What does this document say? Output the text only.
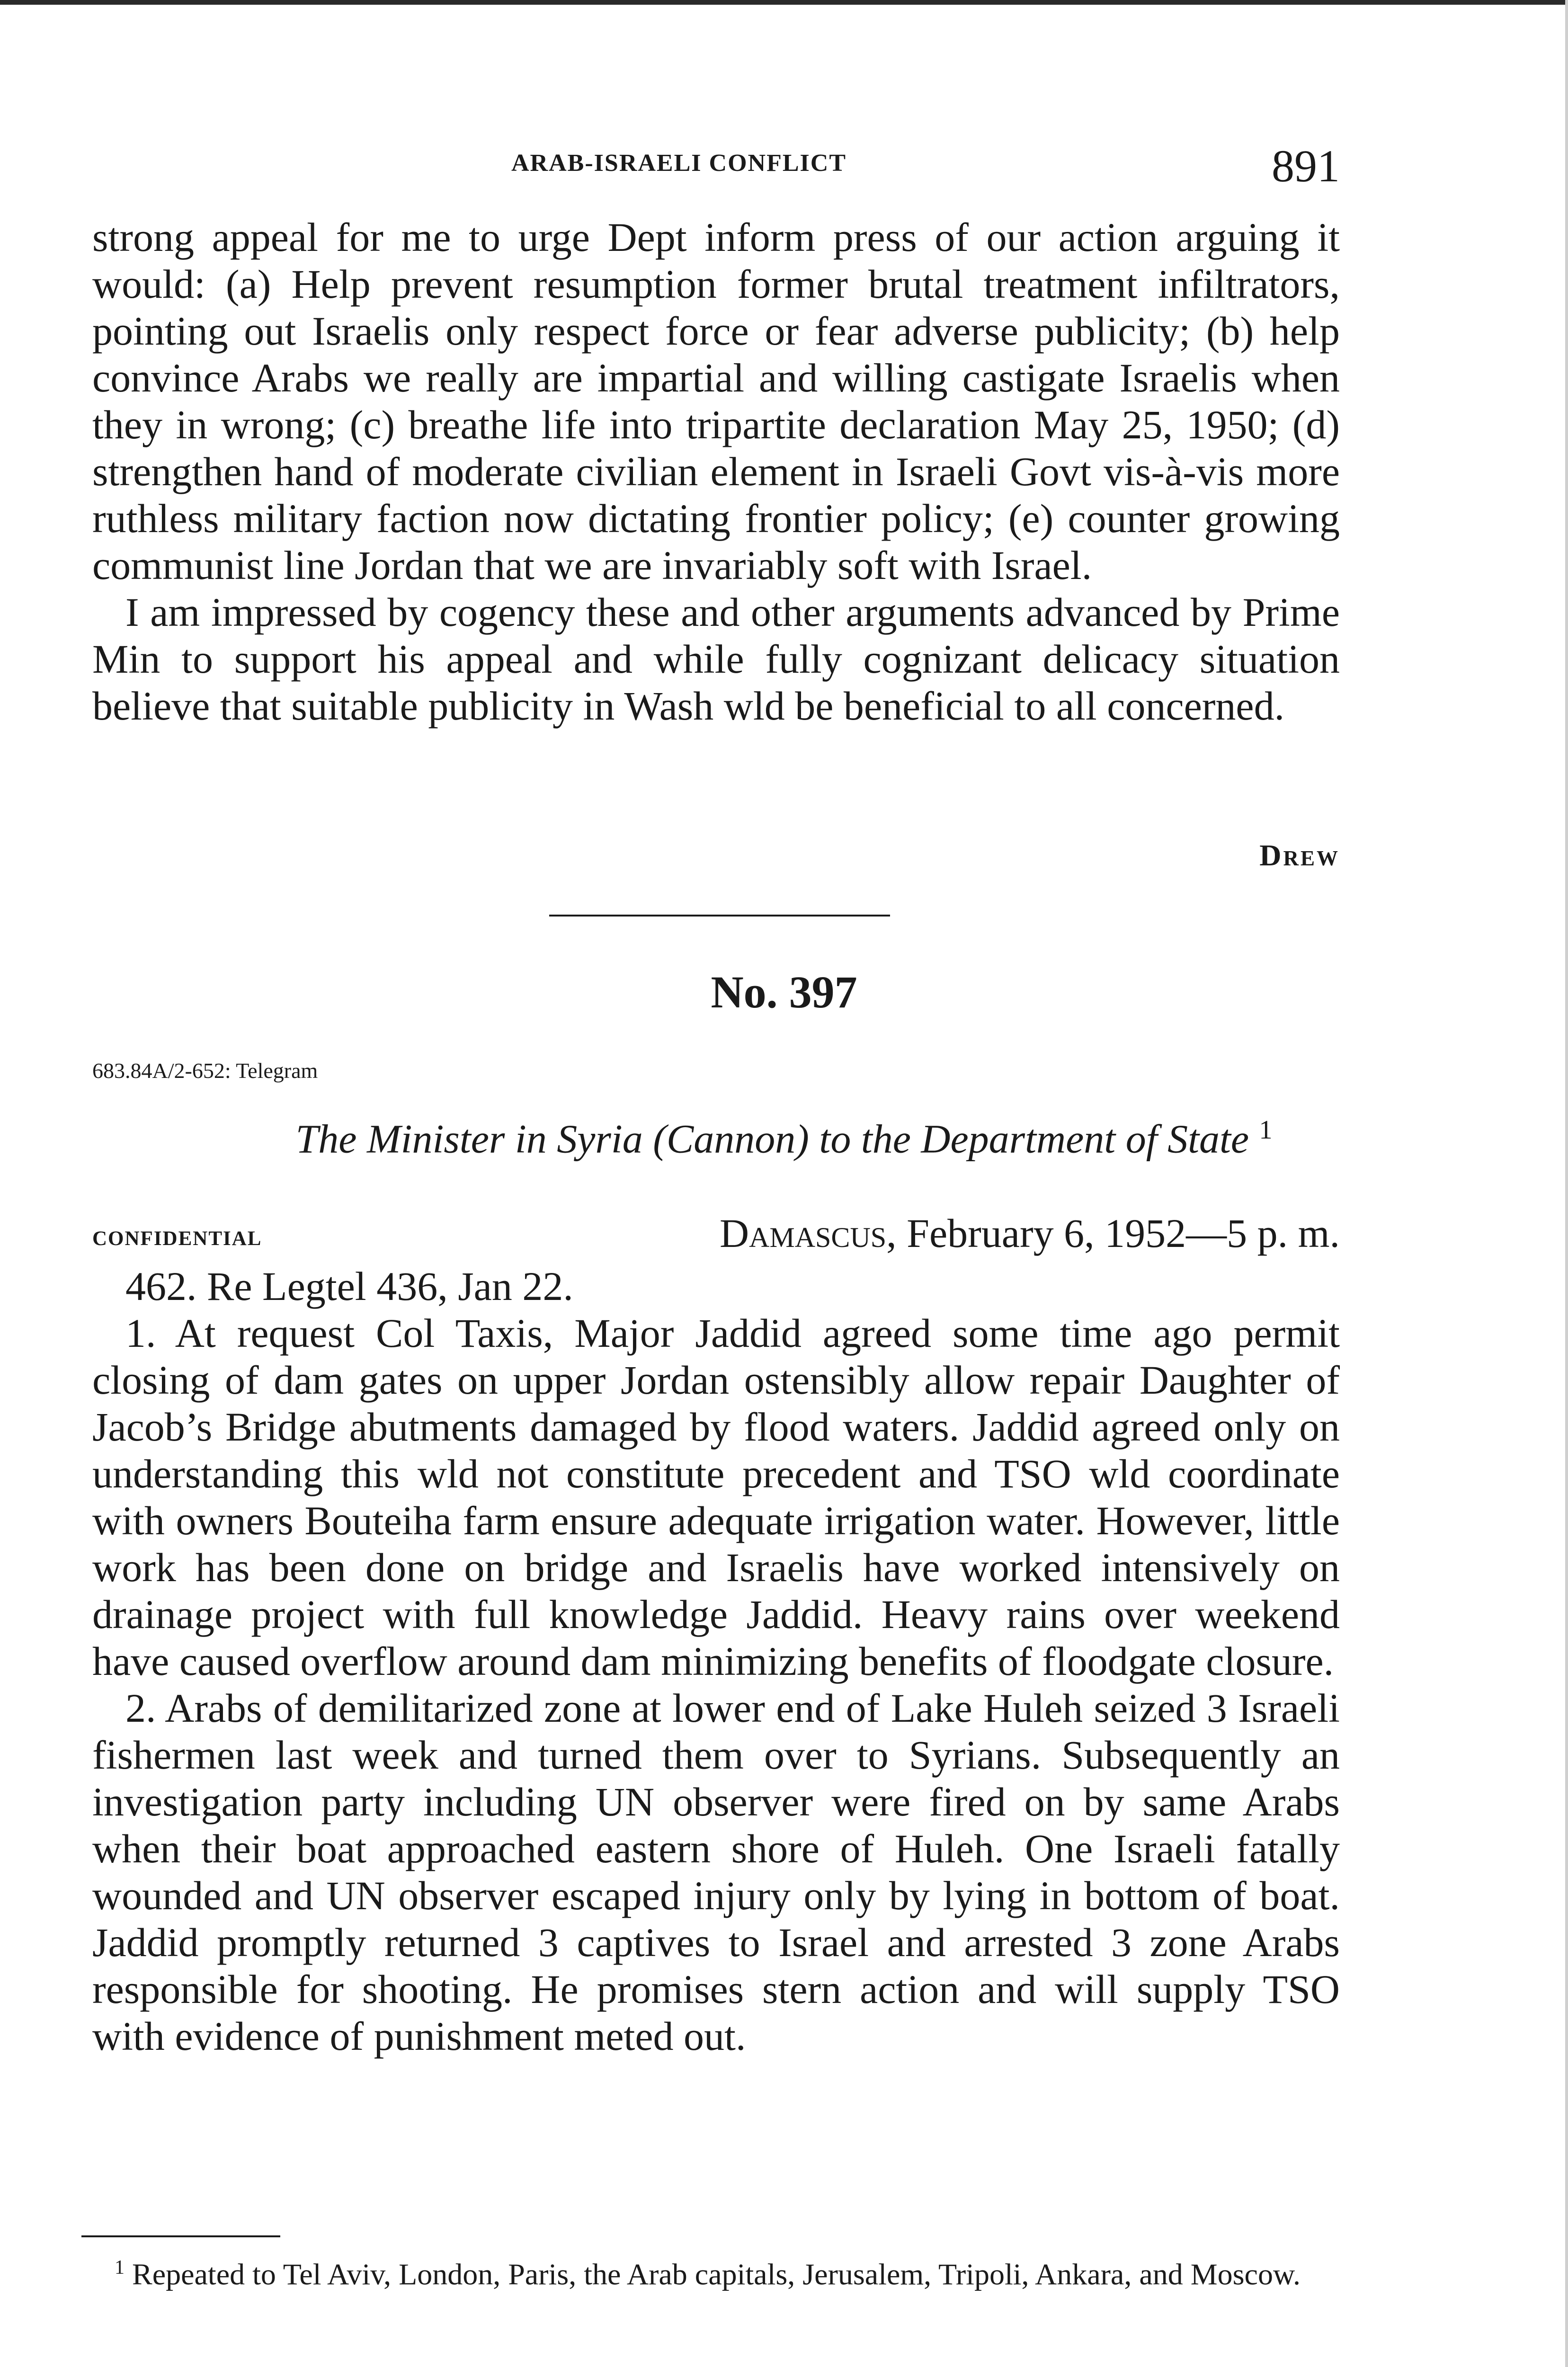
ARAB-ISRAELI CONFLICT	891

strong appeal for me to urge Dept inform press of our action arguing it would: (a) Help prevent resumption former brutal treatment infiltrators, pointing out Israelis only respect force or fear adverse publicity; (b) help convince Arabs we really are impartial and willing castigate Israelis when they in wrong; (c) breathe life into tripartite declaration May 25, 1950; (d) strengthen hand of moderate civilian element in Israeli Govt vis-à-vis more ruthless military faction now dictating frontier policy; (e) counter growing communist line Jordan that we are invariably soft with Israel.

I am impressed by cogency these and other arguments advanced by Prime Min to support his appeal and while fully cognizant delicacy situation believe that suitable publicity in Wash wld be beneficial to all concerned.

Drew
No. 397
683.84A/2-652: Telegram
The Minister in Syria (Cannon) to the Department of State $^1$
confidential	Damascus, February 6, 1952—5 p. m.

462. Re Legtel 436, Jan 22.

1. At request Col Taxis, Major Jaddid agreed some time ago permit closing of dam gates on upper Jordan ostensibly allow repair Daughter of Jacob’s Bridge abutments damaged by flood waters. Jaddid agreed only on understanding this wld not constitute precedent and TSO wld coordinate with owners Bouteiha farm ensure adequate irrigation water. However, little work has been done on bridge and Israelis have worked intensively on drainage project with full knowledge Jaddid. Heavy rains over weekend have caused overflow around dam minimizing benefits of floodgate closure.

2. Arabs of demilitarized zone at lower end of Lake Huleh seized 3 Israeli fishermen last week and turned them over to Syrians. Subsequently an investigation party including UN observer were fired on by same Arabs when their boat approached eastern shore of Huleh. One Israeli fatally wounded and UN observer escaped injury only by lying in bottom of boat. Jaddid promptly returned 3 captives to Israel and arrested 3 zone Arabs responsible for shooting. He promises stern action and will supply TSO with evidence of punishment meted out.

$^1$ Repeated to Tel Aviv, London, Paris, the Arab capitals, Jerusalem, Tripoli, Ankara, and Moscow.
